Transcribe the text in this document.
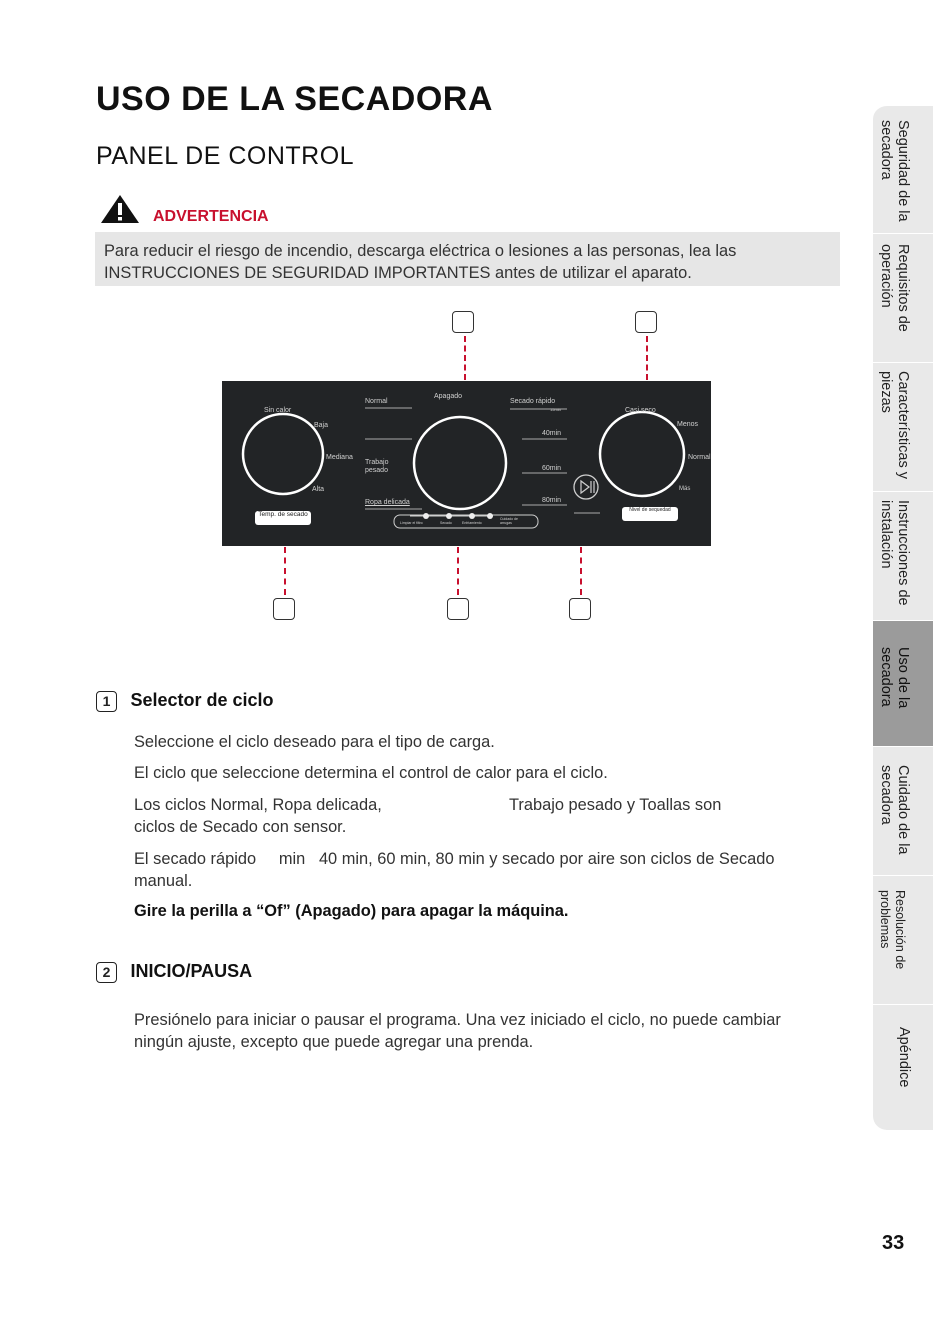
USO DE LA SECADORA
PANEL DE CONTROL
ADVERTENCIA
Para reducir el riesgo de incendio, descarga eléctrica o lesiones a las personas, lea las INSTRUCCIONES DE SEGURIDAD IMPORTANTES antes de utilizar el aparato.
Sin calor
Baja
Mediana
Alta
Temp. de secado
Normal
Trabajo pesado
Ropa delicada
Apagado
Secado rápido
15min
40min
60min
80min
Limpiar el filtro	Secado	Enfriamiento
Cuidado de arrugas
Casi seco
Menos
Normal
Más
Nivel de sequedad
1 Selector de ciclo
Seleccione el ciclo deseado para el tipo de carga.
El ciclo que seleccione determina el control de calor para el ciclo.
Los ciclos Normal, Ropa delicada,                            Trabajo pesado y Toallas son ciclos de Secado con sensor.
El secado rápido     min   40 min, 60 min, 80 min y secado por aire son ciclos de Secado manual.
Gire la perilla a “Of” (Apagado) para apagar la máquina.
2 INICIO/PAUSA
Presiónelo para iniciar o pausar el programa. Una vez iniciado el ciclo, no puede cambiar ningún ajuste, excepto que puede agregar una prenda.
Seguridad de la secadora
Requisitos de operación
Características y piezas
Instrucciones de instalación
Uso de la secadora
Cuidado de la secadora
Resolución de problemas
Apéndice
33
